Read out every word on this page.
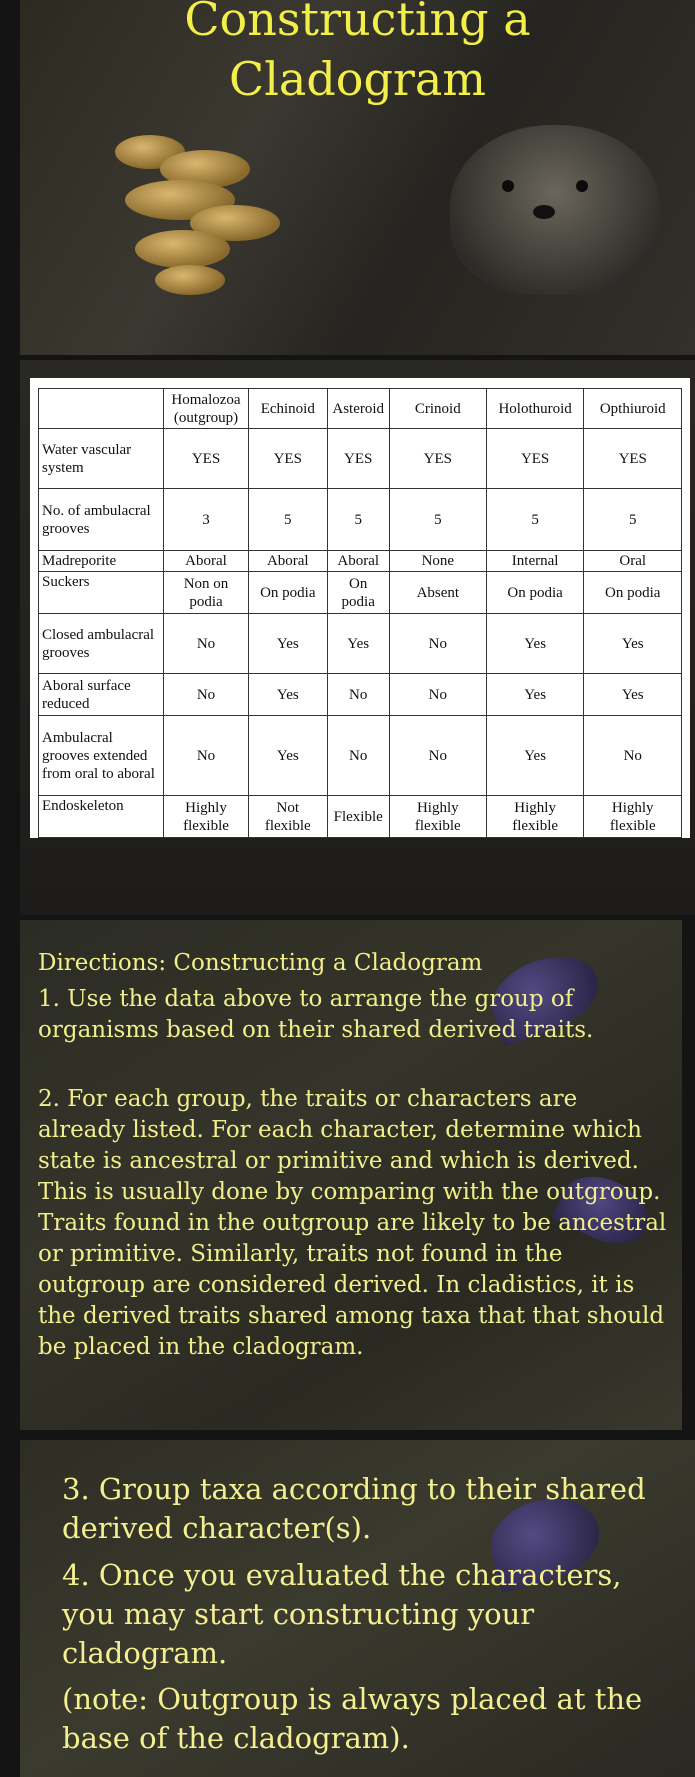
Constructing a
Cladogram
	Homalozoa (outgroup)	Echinoid	Asteroid	Crinoid	Holothuroid	Opthiuroid
Water vascular system	YES	YES	YES	YES	YES	YES
No. of ambulacral grooves	3	5	5	5	5	5
Madreporite	Aboral	Aboral	Aboral	None	Internal	Oral
Suckers	Non on podia	On podia	On podia	Absent	On podia	On podia
Closed ambulacral grooves	No	Yes	Yes	No	Yes	Yes
Aboral surface reduced	No	Yes	No	No	Yes	Yes
Ambulacral grooves extended from oral to aboral	No	Yes	No	No	Yes	No
Endoskeleton	Highly flexible	Not flexible	Flexible	Highly flexible	Highly flexible	Highly flexible

Directions: Constructing a Cladogram

1. Use the data above to arrange the group of organisms based on their shared derived traits.

2. For each group, the traits or characters are already listed. For each character, determine which state is ancestral or primitive and which is derived. This is usually done by comparing with the outgroup. Traits found in the outgroup are likely to be ancestral or primitive. Similarly, traits not found in the outgroup are considered derived. In cladistics, it is the derived traits shared among taxa that that should be placed in the cladogram.

3. Group taxa according to their shared derived character(s).

4. Once you evaluated the characters, you may start constructing your cladogram.

(note: Outgroup is always placed at the base of the cladogram).
